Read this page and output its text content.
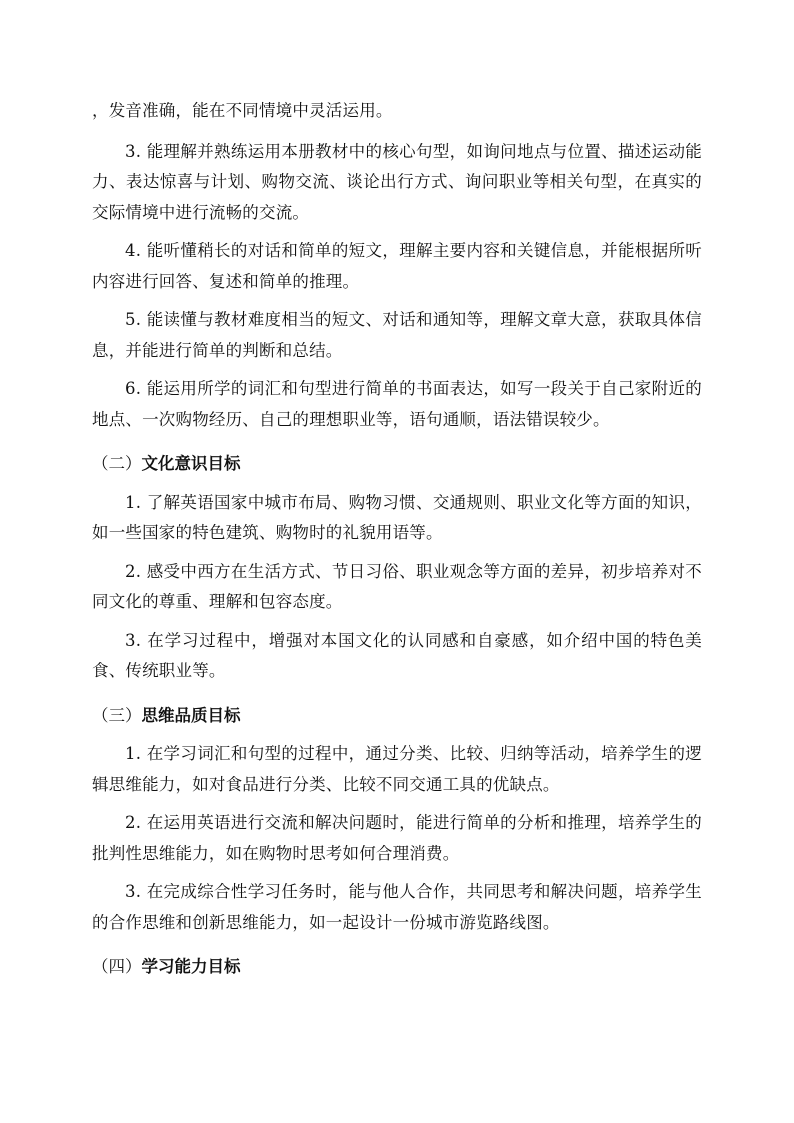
，发音准确，能在不同情境中灵活运用。

3. 能理解并熟练运用本册教材中的核心句型，如询问地点与位置、描述运动能力、表达惊喜与计划、购物交流、谈论出行方式、询问职业等相关句型，在真实的交际情境中进行流畅的交流。

4. 能听懂稍长的对话和简单的短文，理解主要内容和关键信息，并能根据所听内容进行回答、复述和简单的推理。

5. 能读懂与教材难度相当的短文、对话和通知等，理解文章大意，获取具体信息，并能进行简单的判断和总结。

6. 能运用所学的词汇和句型进行简单的书面表达，如写一段关于自己家附近的地点、一次购物经历、自己的理想职业等，语句通顺，语法错误较少。

（二）文化意识目标

1. 了解英语国家中城市布局、购物习惯、交通规则、职业文化等方面的知识，如一些国家的特色建筑、购物时的礼貌用语等。

2. 感受中西方在生活方式、节日习俗、职业观念等方面的差异，初步培养对不同文化的尊重、理解和包容态度。

3. 在学习过程中，增强对本国文化的认同感和自豪感，如介绍中国的特色美食、传统职业等。

（三）思维品质目标

1. 在学习词汇和句型的过程中，通过分类、比较、归纳等活动，培养学生的逻辑思维能力，如对食品进行分类、比较不同交通工具的优缺点。

2. 在运用英语进行交流和解决问题时，能进行简单的分析和推理，培养学生的批判性思维能力，如在购物时思考如何合理消费。

3. 在完成综合性学习任务时，能与他人合作，共同思考和解决问题，培养学生的合作思维和创新思维能力，如一起设计一份城市游览路线图。

（四）学习能力目标
